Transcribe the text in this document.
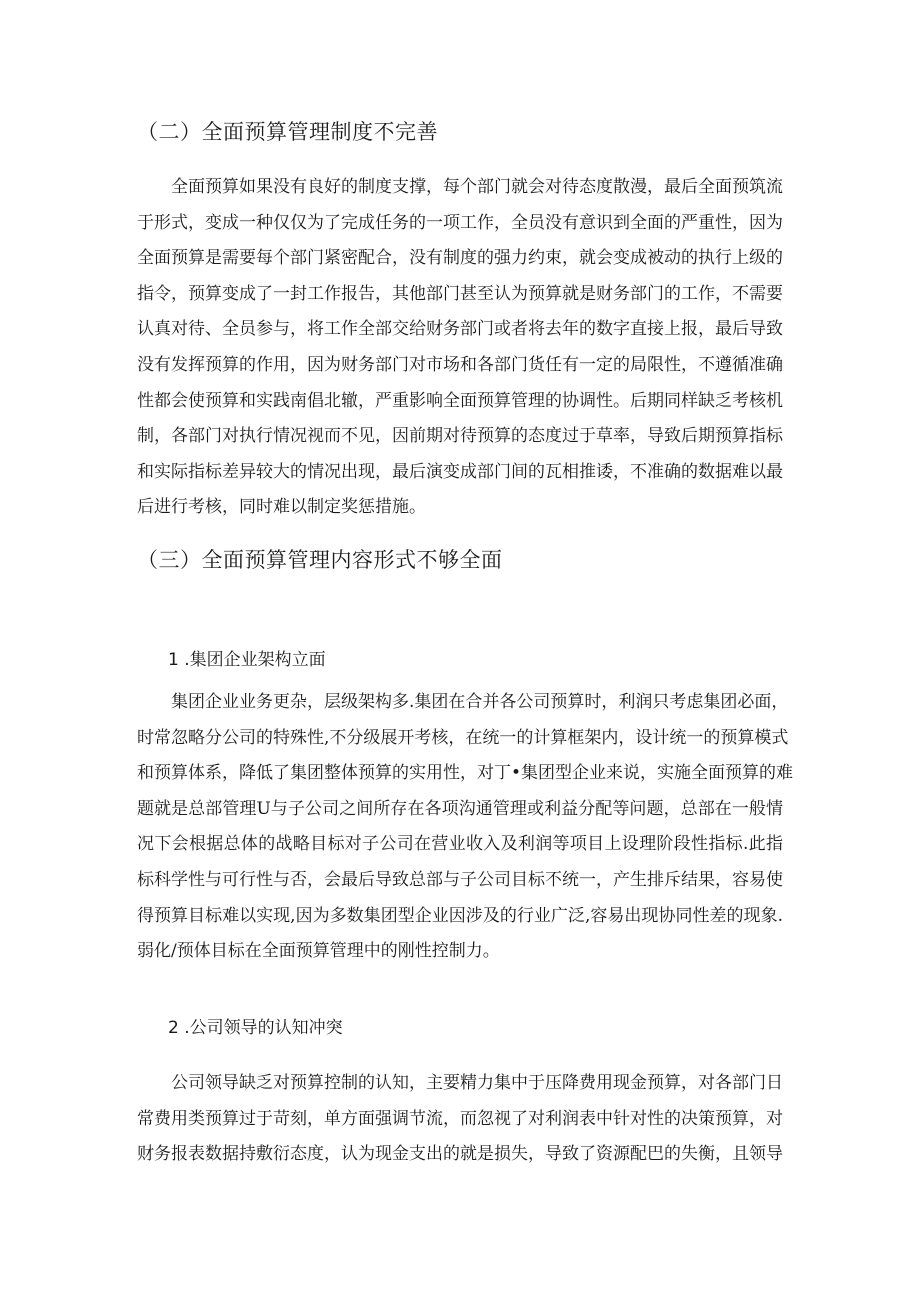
（二）全面预算管理制度不完善

全面预算如果没有良好的制度支撑，每个部门就会对待态度散漫，最后全面预筑流
于形式，变成一种仅仅为了完成任务的一项工作，全员没有意识到全面的严重性，因为
全面预算是需要每个部门紧密配合，没有制度的强力约束，就会变成被动的执行上级的
指令，预算变成了一封工作报告，其他部门甚至认为预算就是财务部门的工作，不需要
认真对待、全员参与，将工作全部交给财务部门或者将去年的数字直接上报，最后导致
没有发挥预算的作用，因为财务部门对市场和各部门货任有一定的局限性，不遵循准确
性都会使预算和实践南倡北辙，严重影响全面预算管理的协调性。后期同样缺乏考核机
制，各部门对执行情况视而不见，因前期对待预算的态度过于草率，导致后期预算指标
和实际指标差异较大的情况出现，最后演变成部门间的瓦相推诿，不准确的数据难以最
后进行考核，同时难以制定奖惩措施。

（三）全面预算管理内容形式不够全面
1 .集团企业架构立面

集团企业业务更杂，层级架构多.集团在合并各公司预算时，利润只考虑集团必面，
时常忽略分公司的特殊性,不分级展开考核，在统一的计算框架内，设计统一的预算模式
和预算体系，降低了集团整体预算的实用性，对丁•集团型企业来说，实施全面预算的难
题就是总部管理U与子公司之间所存在各项沟通管理或利益分配等问题，总部在一般情
况下会根据总体的战略目标对子公司在营业收入及利润等项目上设理阶段性指标.此指
标科学性与可行性与否，会最后导致总部与子公司目标不统一，产生排斥结果，容易使
得预算目标难以实现,因为多数集团型企业因涉及的行业广泛,容易出现协同性差的现象.
弱化/预体目标在全面预算管理中的刚性控制力。

2 .公司领导的认知冲突

公司领导缺乏对预算控制的认知，主要精力集中于压降费用现金预算，对各部门日
常费用类预算过于苛刻，单方面强调节流，而忽视了对利润表中针对性的决策预算，对
财务报表数据持敷衍态度，认为现金支出的就是损失，导致了资源配巴的失衡，且领导
